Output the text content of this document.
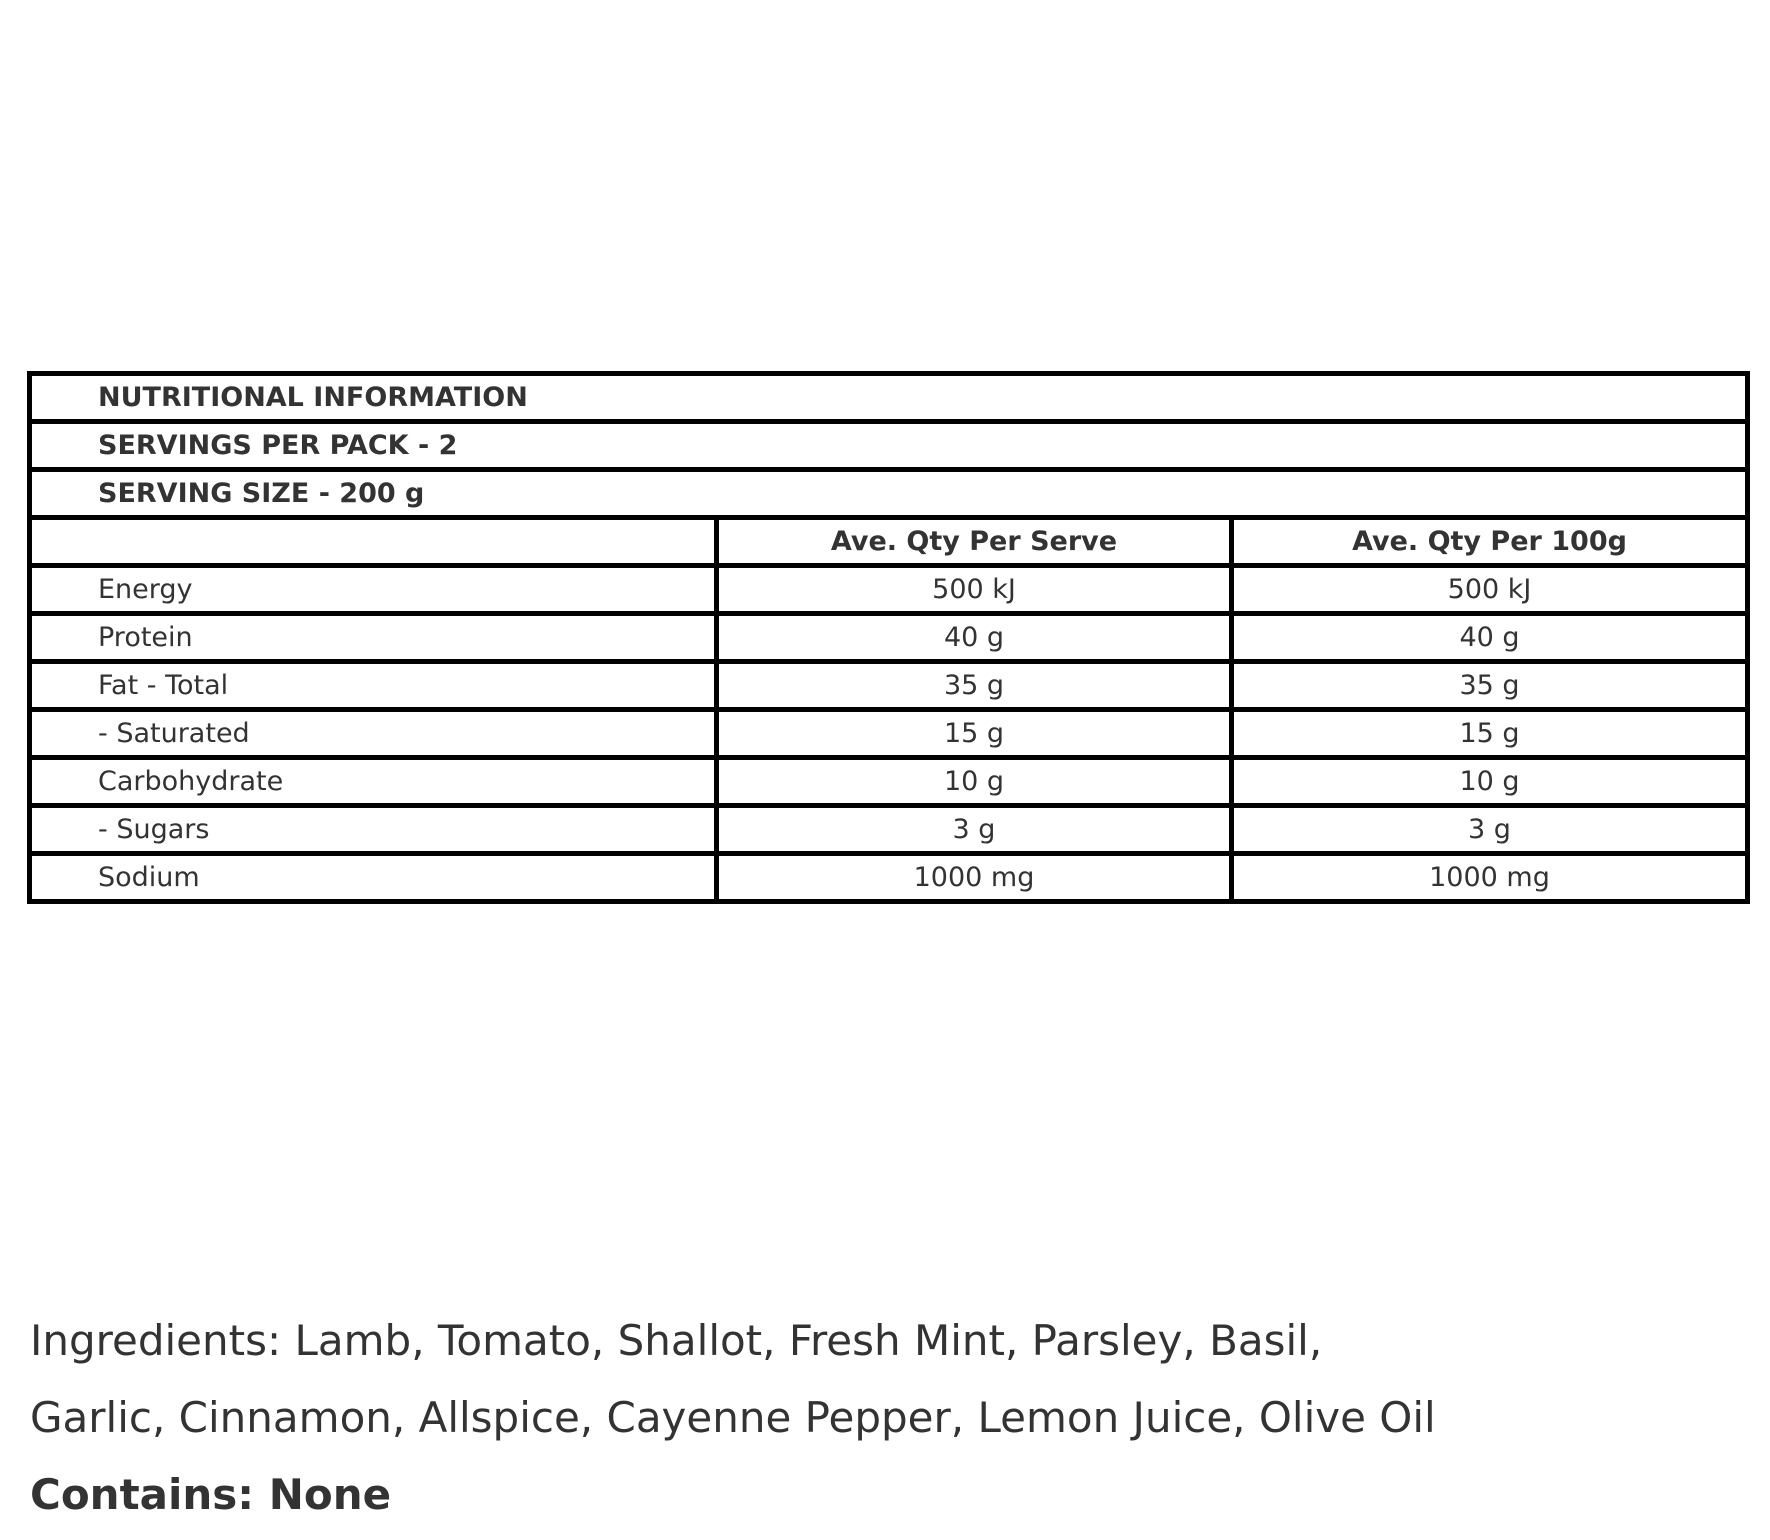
NUTRITIONAL INFORMATION		
SERVINGS PER PACK - 2		
SERVING SIZE - 200 g		
	Ave. Qty Per Serve	Ave. Qty Per 100g
Energy	500 kJ	500 kJ
Protein	40 g	40 g
Fat - Total	35 g	35 g
- Saturated	15 g	15 g
Carbohydrate	10 g	10 g
- Sugars	3 g	3 g
Sodium	1000 mg	1000 mg
Ingredients: Lamb, Tomato, Shallot, Fresh Mint, Parsley, Basil,
Garlic, Cinnamon, Allspice, Cayenne Pepper, Lemon Juice, Olive Oil
Contains: None
